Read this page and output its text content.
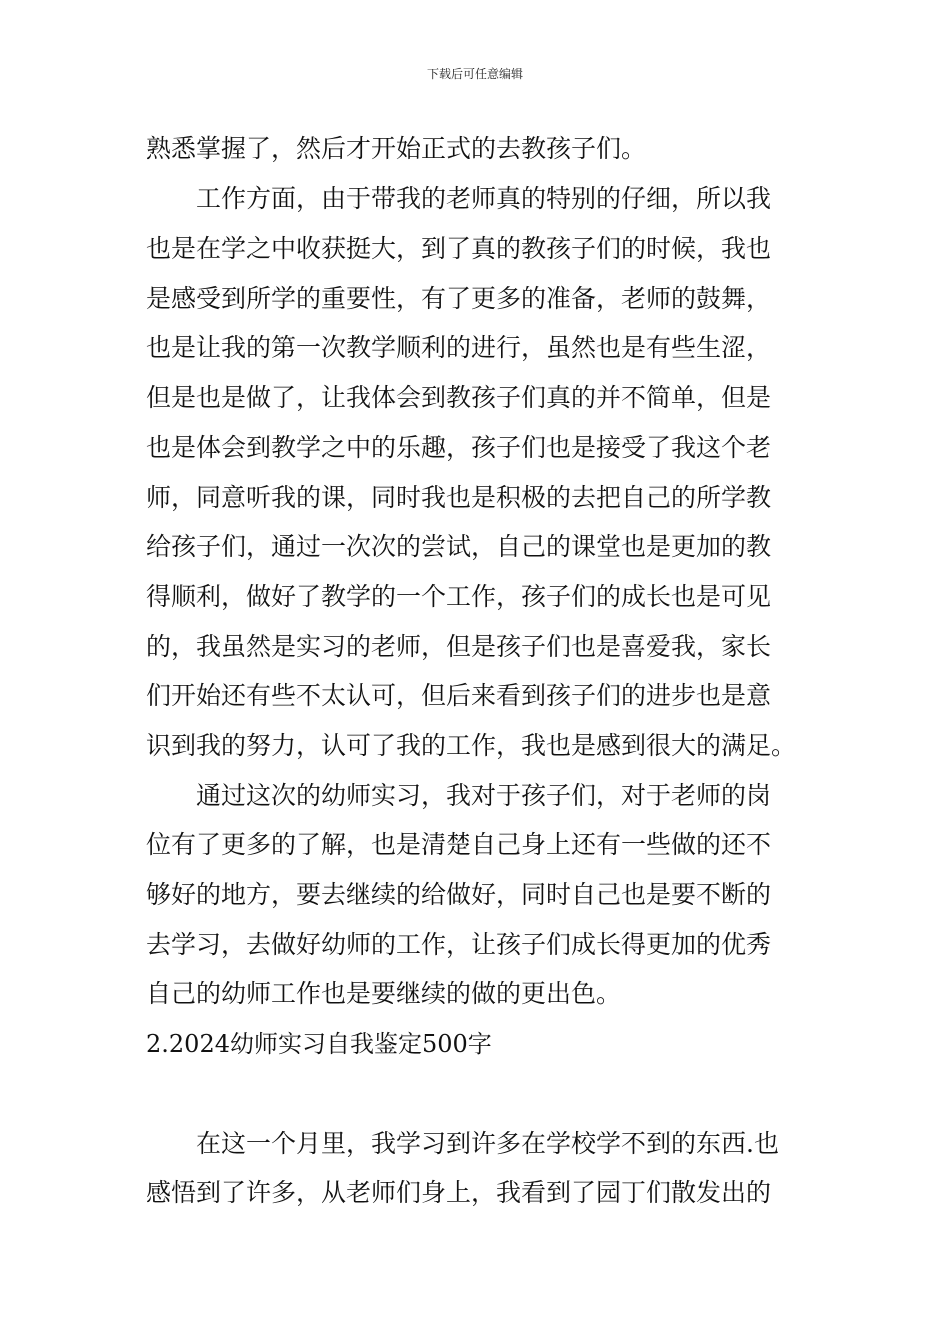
下载后可任意编辑
熟悉掌握了，然后才开始正式的去教孩子们。
工作方面，由于带我的老师真的特别的仔细，所以我
也是在学之中收获挺大，到了真的教孩子们的时候，我也
是感受到所学的重要性，有了更多的准备，老师的鼓舞，
也是让我的第一次教学顺利的进行，虽然也是有些生涩，
但是也是做了，让我体会到教孩子们真的并不简单，但是
也是体会到教学之中的乐趣，孩子们也是接受了我这个老
师，同意听我的课，同时我也是积极的去把自己的所学教
给孩子们，通过一次次的尝试，自己的课堂也是更加的教
得顺利，做好了教学的一个工作，孩子们的成长也是可见
的，我虽然是实习的老师，但是孩子们也是喜爱我，家长
们开始还有些不太认可，但后来看到孩子们的进步也是意
识到我的努力，认可了我的工作，我也是感到很大的满足。
通过这次的幼师实习，我对于孩子们，对于老师的岗
位有了更多的了解，也是清楚自己身上还有一些做的还不
够好的地方，要去继续的给做好，同时自己也是要不断的
去学习，去做好幼师的工作，让孩子们成长得更加的优秀
自己的幼师工作也是要继续的做的更出色。
2.2024幼师实习自我鉴定500字
在这一个月里，我学习到许多在学校学不到的东西.也
感悟到了许多，从老师们身上，我看到了园丁们散发出的
